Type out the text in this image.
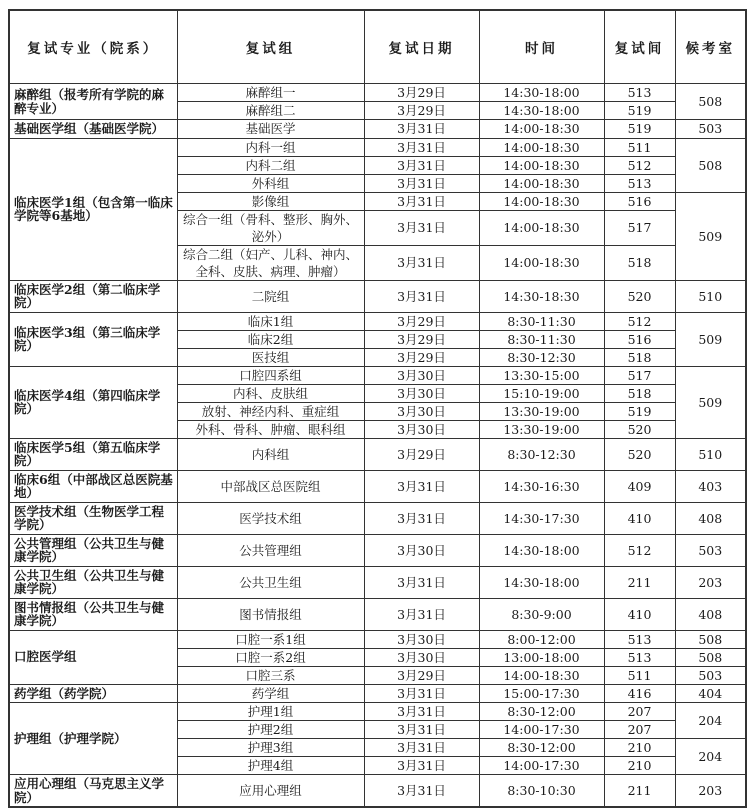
复试专业（院系）	复试组	复试日期	时间	复试间	候考室
麻醉组（报考所有学院的麻醉专业）	麻醉组一	3月29日	14:30-18:00	513	508
	麻醉组二	3月29日	14:30-18:00	519	
基础医学组（基础医学院）	基础医学	3月31日	14:00-18:30	519	503
临床医学1组（包含第一临床学院等6基地）	内科一组	3月31日	14:00-18:30	511	508
	内科二组	3月31日	14:00-18:30	512	
	外科组	3月31日	14:00-18:30	513	
	影像组	3月31日	14:00-18:30	516	509
	综合一组（骨科、整形、胸外、泌外）	3月31日	14:00-18:30	517	
	综合二组（妇产、儿科、神内、全科、皮肤、病理、肿瘤）	3月31日	14:00-18:30	518	
临床医学2组（第二临床学院）	二院组	3月31日	14:30-18:30	520	510
临床医学3组（第三临床学院）	临床1组	3月29日	8:30-11:30	512	509
	临床2组	3月29日	8:30-11:30	516	
	医技组	3月29日	8:30-12:30	518	
临床医学4组（第四临床学院）	口腔四系组	3月30日	13:30-15:00	517	509
	内科、皮肤组	3月30日	15:10-19:00	518	
	放射、神经内科、重症组	3月30日	13:30-19:00	519	
	外科、骨科、肿瘤、眼科组	3月30日	13:30-19:00	520	
临床医学5组（第五临床学院）	内科组	3月29日	8:30-12:30	520	510
临床6组（中部战区总医院基地）	中部战区总医院组	3月31日	14:30-16:30	409	403
医学技术组（生物医学工程学院）	医学技术组	3月31日	14:30-17:30	410	408
公共管理组（公共卫生与健康学院）	公共管理组	3月30日	14:30-18:00	512	503
公共卫生组（公共卫生与健康学院）	公共卫生组	3月31日	14:30-18:00	211	203
图书情报组（公共卫生与健康学院）	图书情报组	3月31日	8:30-9:00	410	408
口腔医学组	口腔一系1组	3月30日	8:00-12:00	513	508
	口腔一系2组	3月30日	13:00-18:00	513	508
	口腔三系	3月29日	14:00-18:30	511	503
药学组（药学院）	药学组	3月31日	15:00-17:30	416	404
护理组（护理学院）	护理1组	3月31日	8:30-12:00	207	204
	护理2组	3月31日	14:00-17:30	207	
	护理3组	3月31日	8:30-12:00	210	204
	护理4组	3月31日	14:00-17:30	210	
应用心理组（马克思主义学院）	应用心理组	3月31日	8:30-10:30	211	203
